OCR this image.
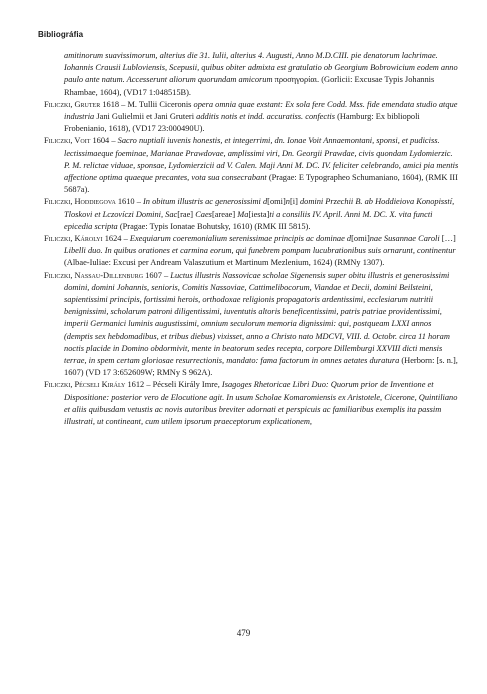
Bibliográfia

amitinorum suavissimorum, alterius die 31. Iulii, alterius 4. Augusti, Anno M.D.CIII. pie denatorum lachrimae. Iohannis Crausii Lubloviensis, Scepusii, quibus obiter admixta est gratulatio ob Georgium Bobrowicium eodem anno paulo ante natum. Accesserunt aliorum quorundam amicorum προσηγορίαι. (Gorlicii: Excusae Typis Johannis Rhambae, 1604), (VD17 1:048515B).

Filiczki, Gruter 1618 – M. Tullii Ciceronis opera omnia quae exstant: Ex sola fere Codd. Mss. fide emendata studio atque industria Jani Gulielmii et Jani Gruteri additis notis et indd. accuratiss. confectis (Hamburg: Ex bibliopoli Frobenianio, 1618), (VD17 23:000490U).

Filiczki, Voit 1604 – Sacro nuptiali iuvenis honestis, et integerrimi, dn. Ionae Voit Annaemontani, sponsi, et pudiciss. lectissimaeque foeminae, Marianae Prawdovae, amplissimi viri, Dn. Georgii Prawdae, civis quondam Lydomierzic. P. M. relictae viduae, sponsae, Lydomierzicii ad V. Calen. Maji Anni M. DC. IV. feliciter celebrando, amici pia mentis affectione optima quaeque precantes, vota sua consecrabant (Pragae: E Typographeo Schumaniano, 1604), (RMK III 5687a).

Filiczki, Hoddiegova 1610 – In obitum illustris ac generosissimi d[omi]n[i] domini Przechii B. ab Hoddieiova Konopisstí, Tloskovi et Lczovíczi Domini, Sac[rae] Caes[areae] Ma[iesta]ti a consiliis IV. April. Anni M. DC. X. vita functi epicedia scripta (Pragae: Typis Ionatae Bohutsky, 1610) (RMK III 5815).

Filiczki, Károlyi 1624 – Exequiarum coeremonialium serenissimae principis ac dominae d[omi]nae Susannae Caroli […] Libelli duo. In quibus orationes et carmina eorum, qui funebrem pompam lucubrationibus suis ornarunt, continentur (Albae-Iuliae: Excusi per Andream Valaszutium et Martinum Mezlenium, 1624) (RMNy 1307).

Filiczki, Nassau-Dillenburg 1607 – Luctus illustris Nassovicae scholae Sigenensis super obitu illustris et generosissimi domini, domini Johannis, senioris, Comitis Nassoviae, Cattimelibocorum, Viandae et Decii, domini Beilsteini, sapientissimi principis, fortissimi herois, orthodoxae religionis propagatoris ardentissimi, ecclesiarum nutritii benignissimi, scholarum patroni diligentissimi, iuventutis altoris beneficentissimi, patris patriae providentissimi, imperii Germanici luminis augustissimi, omnium seculorum memoria dignissimi: qui, postqueam LXXI annos (demptis sex hebdomadibus, et tribus diebus) vixisset, anno a Christo nato MDCVI, VIII. d. Octobr. circa 11 horam noctis placide in Domino obdormivit, mente in beatorum sedes recepta, corpore Dillemburgi XXVIII dicti mensis terrae, in spem certam gloriosae resurrectionis, mandato: fama factorum in omnes aetates duratura (Herborn: [s. n.], 1607) (VD 17 3:652609W; RMNy S 962A).

Filiczki, Pécseli Király 1612 – Pécseli Király Imre, Isagoges Rhetoricae Libri Duo: Quorum prior de Inventione et Dispositione: posterior vero de Elocutione agit. In usum Scholae Komaromiensis ex Aristotele, Cicerone, Quintiliano et aliis quibusdam vetustis ac novis autoribus breviter adornati et perspicuis ac familiaribus exemplis ita passim illustrati, ut contineant, cum utilem ipsorum praeceptorum explicationem,

479
